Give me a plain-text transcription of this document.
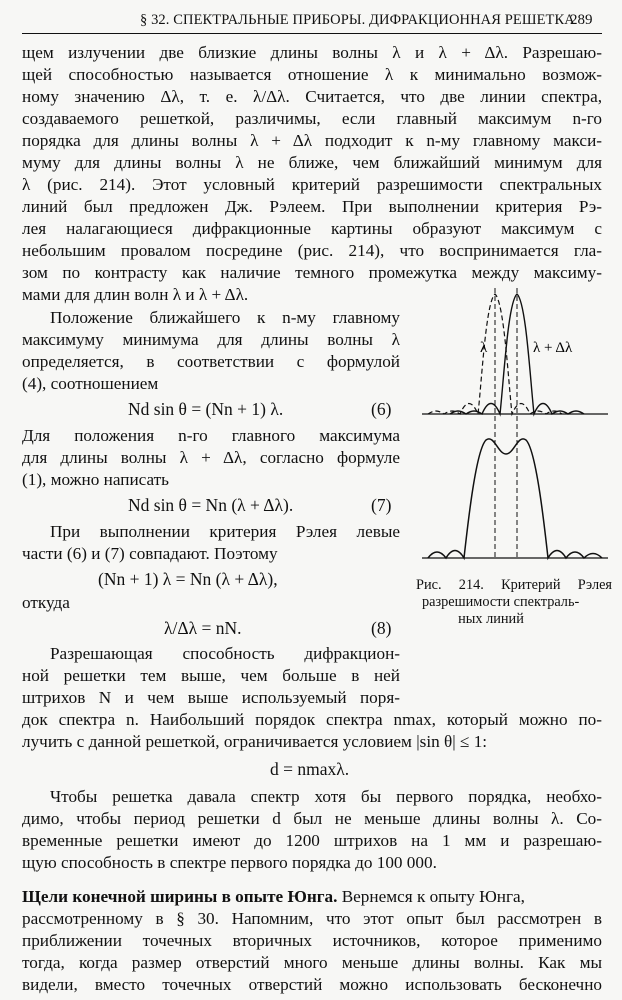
§ 32. СПЕКТРАЛЬНЫЕ ПРИБОРЫ. ДИФРАКЦИОННАЯ РЕШЕТКА
289
щем излучении две близкие длины волны λ и λ + Δλ. Разрешаю-
щей способностью называется отношение λ к минимально возмож-
ному значению Δλ, т. е. λ/Δλ. Считается, что две линии спектра,
создаваемого решеткой, различимы, если главный максимум n-го
порядка для длины волны λ + Δλ подходит к n-му главному макси-
муму для длины волны λ не ближе, чем ближайший минимум для
λ (рис. 214). Этот условный критерий разрешимости спектральных
линий был предложен Дж. Рэлеем. При выполнении критерия Рэ-
лея налагающиеся дифракционные картины образуют максимум с
небольшим провалом посредине (рис. 214), что воспринимается гла-
зом по контрасту как наличие темного промежутка между максиму-
мами для длин волн λ и λ + Δλ.
Положение ближайшего к n-му главному
максимуму минимума для длины волны λ
определяется, в соответствии с формулой
(4), соотношением
Nd sin θ = (Nn + 1) λ.	(6)
Для положения n-го главного максимума
для длины волны λ + Δλ, согласно формуле
(1), можно написать
Nd sin θ = Nn (λ + Δλ).	(7)
При выполнении критерия Рэлея левые
части (6) и (7) совпадают. Поэтому
(Nn + 1) λ = Nn (λ + Δλ),
откуда
λ/Δλ = nN.	(8)
Разрешающая способность дифракцион-
ной решетки тем выше, чем больше в ней
штрихов N и чем выше используемый поря-
док спектра n. Наибольший порядок спектра nmax, который можно по-
лучить с данной решеткой, ограничивается условием |sin θ| ≤ 1:
d = nmaxλ.
Чтобы решетка давала спектр хотя бы первого порядка, необхо-
димо, чтобы период решетки d был не меньше длины волны λ. Со-
временные решетки имеют до 1200 штрихов на 1 мм и разрешаю-
щую способность в спектре первого порядка до 100 000.
Щели конечной ширины в опыте Юнга. Вернемся к опыту Юнга,
рассмотренному в § 30. Напомним, что этот опыт был рассмотрен в
приближении точечных вторичных источников, которое применимо
тогда, когда размер отверстий много меньше длины волны. Как мы
видели, вместо точечных отверстий можно использовать бесконечно
λ	λ + Δλ
Рис. 214. Критерий Рэлея
разрешимости спектраль-
ных линий
